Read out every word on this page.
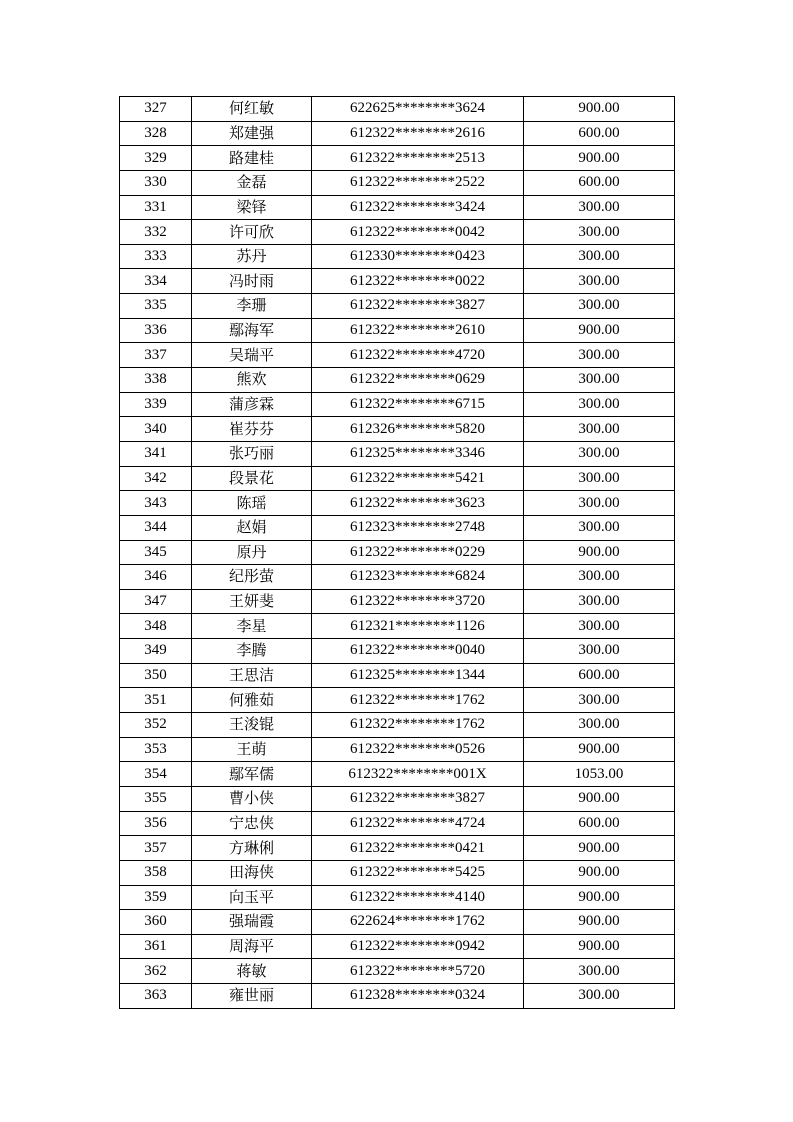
327	何红敏	622625********3624	900.00
328	郑建强	612322********2616	600.00
329	路建桂	612322********2513	900.00
330	金磊	612322********2522	600.00
331	梁铎	612322********3424	300.00
332	许可欣	612322********0042	300.00
333	苏丹	612330********0423	300.00
334	冯时雨	612322********0022	300.00
335	李珊	612322********3827	300.00
336	鄢海军	612322********2610	900.00
337	吴瑞平	612322********4720	300.00
338	熊欢	612322********0629	300.00
339	蒲彦霖	612322********6715	300.00
340	崔芬芬	612326********5820	300.00
341	张巧丽	612325********3346	300.00
342	段景花	612322********5421	300.00
343	陈瑶	612322********3623	300.00
344	赵娟	612323********2748	300.00
345	原丹	612322********0229	900.00
346	纪彤萤	612323********6824	300.00
347	王妍斐	612322********3720	300.00
348	李星	612321********1126	300.00
349	李腾	612322********0040	300.00
350	王思洁	612325********1344	600.00
351	何雅茹	612322********1762	300.00
352	王浚锟	612322********1762	300.00
353	王萌	612322********0526	900.00
354	鄢军儒	612322********001X	1053.00
355	曹小侠	612322********3827	900.00
356	宁忠侠	612322********4724	600.00
357	方琳俐	612322********0421	900.00
358	田海侠	612322********5425	900.00
359	向玉平	612322********4140	900.00
360	强瑞霞	622624********1762	900.00
361	周海平	612322********0942	900.00
362	蒋敏	612322********5720	300.00
363	雍世丽	612328********0324	300.00
